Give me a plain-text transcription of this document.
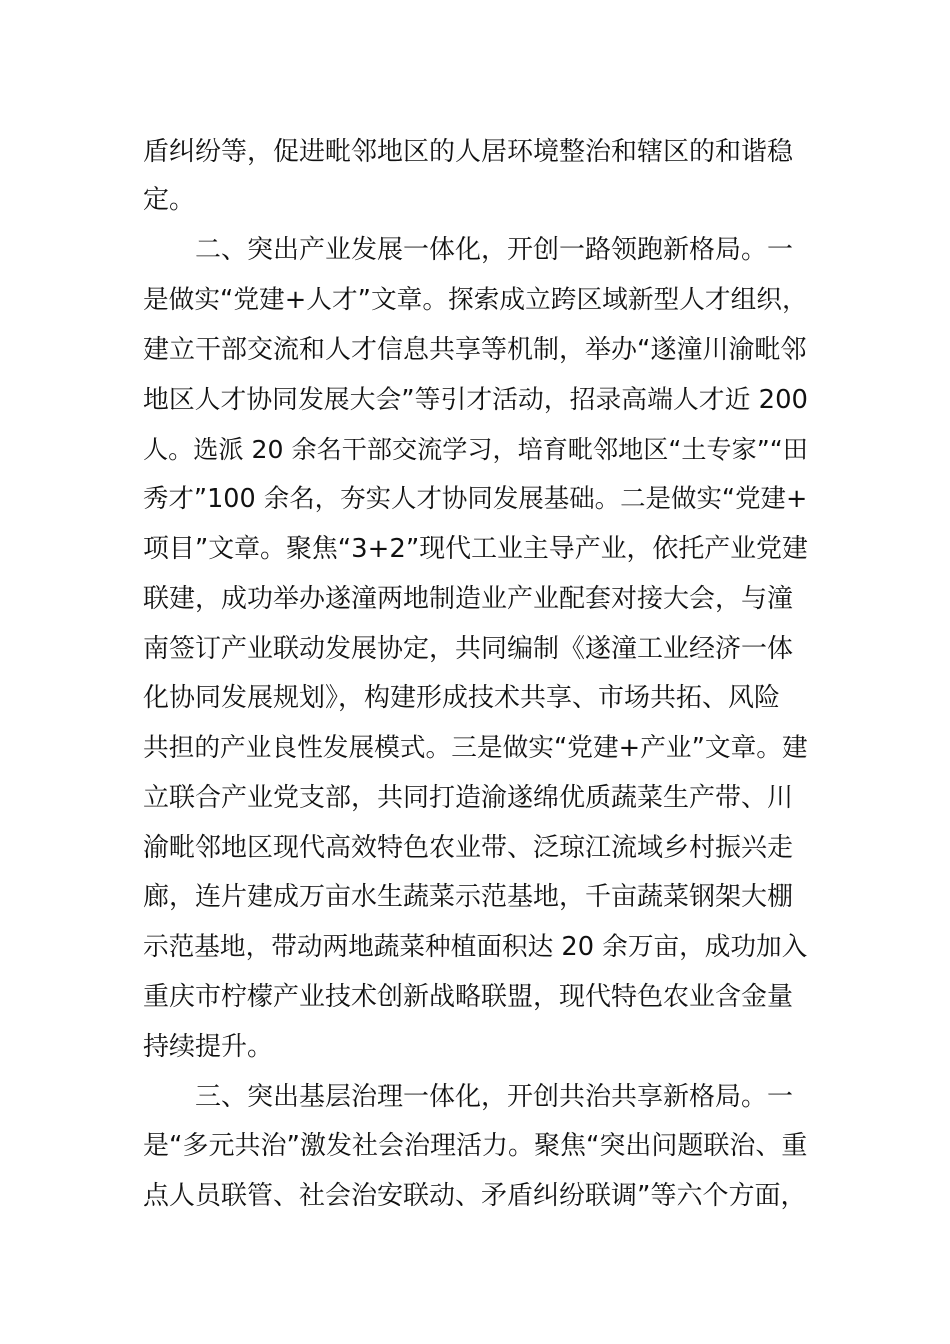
盾纠纷等，促进毗邻地区的人居环境整治和辖区的和谐稳
定。
二、突出产业发展一体化，开创一路领跑新格局。一
是做实“党建+人才”文章。探索成立跨区域新型人才组织，
建立干部交流和人才信息共享等机制，举办“遂潼川渝毗邻
地区人才协同发展大会”等引才活动，招录高端人才近 200
人。选派 20 余名干部交流学习，培育毗邻地区“土专家”“田
秀才”100 余名，夯实人才协同发展基础。二是做实“党建+
项目”文章。聚焦“3+2”现代工业主导产业，依托产业党建
联建，成功举办遂潼两地制造业产业配套对接大会，与潼
南签订产业联动发展协定，共同编制《遂潼工业经济一体
化协同发展规划》，构建形成技术共享、市场共拓、风险
共担的产业良性发展模式。三是做实“党建+产业”文章。建
立联合产业党支部，共同打造渝遂绵优质蔬菜生产带、川
渝毗邻地区现代高效特色农业带、泛琼江流域乡村振兴走
廊，连片建成万亩水生蔬菜示范基地，千亩蔬菜钢架大棚
示范基地，带动两地蔬菜种植面积达 20 余万亩，成功加入
重庆市柠檬产业技术创新战略联盟，现代特色农业含金量
持续提升。
三、突出基层治理一体化，开创共治共享新格局。一
是“多元共治”激发社会治理活力。聚焦“突出问题联治、重
点人员联管、社会治安联动、矛盾纠纷联调”等六个方面，
